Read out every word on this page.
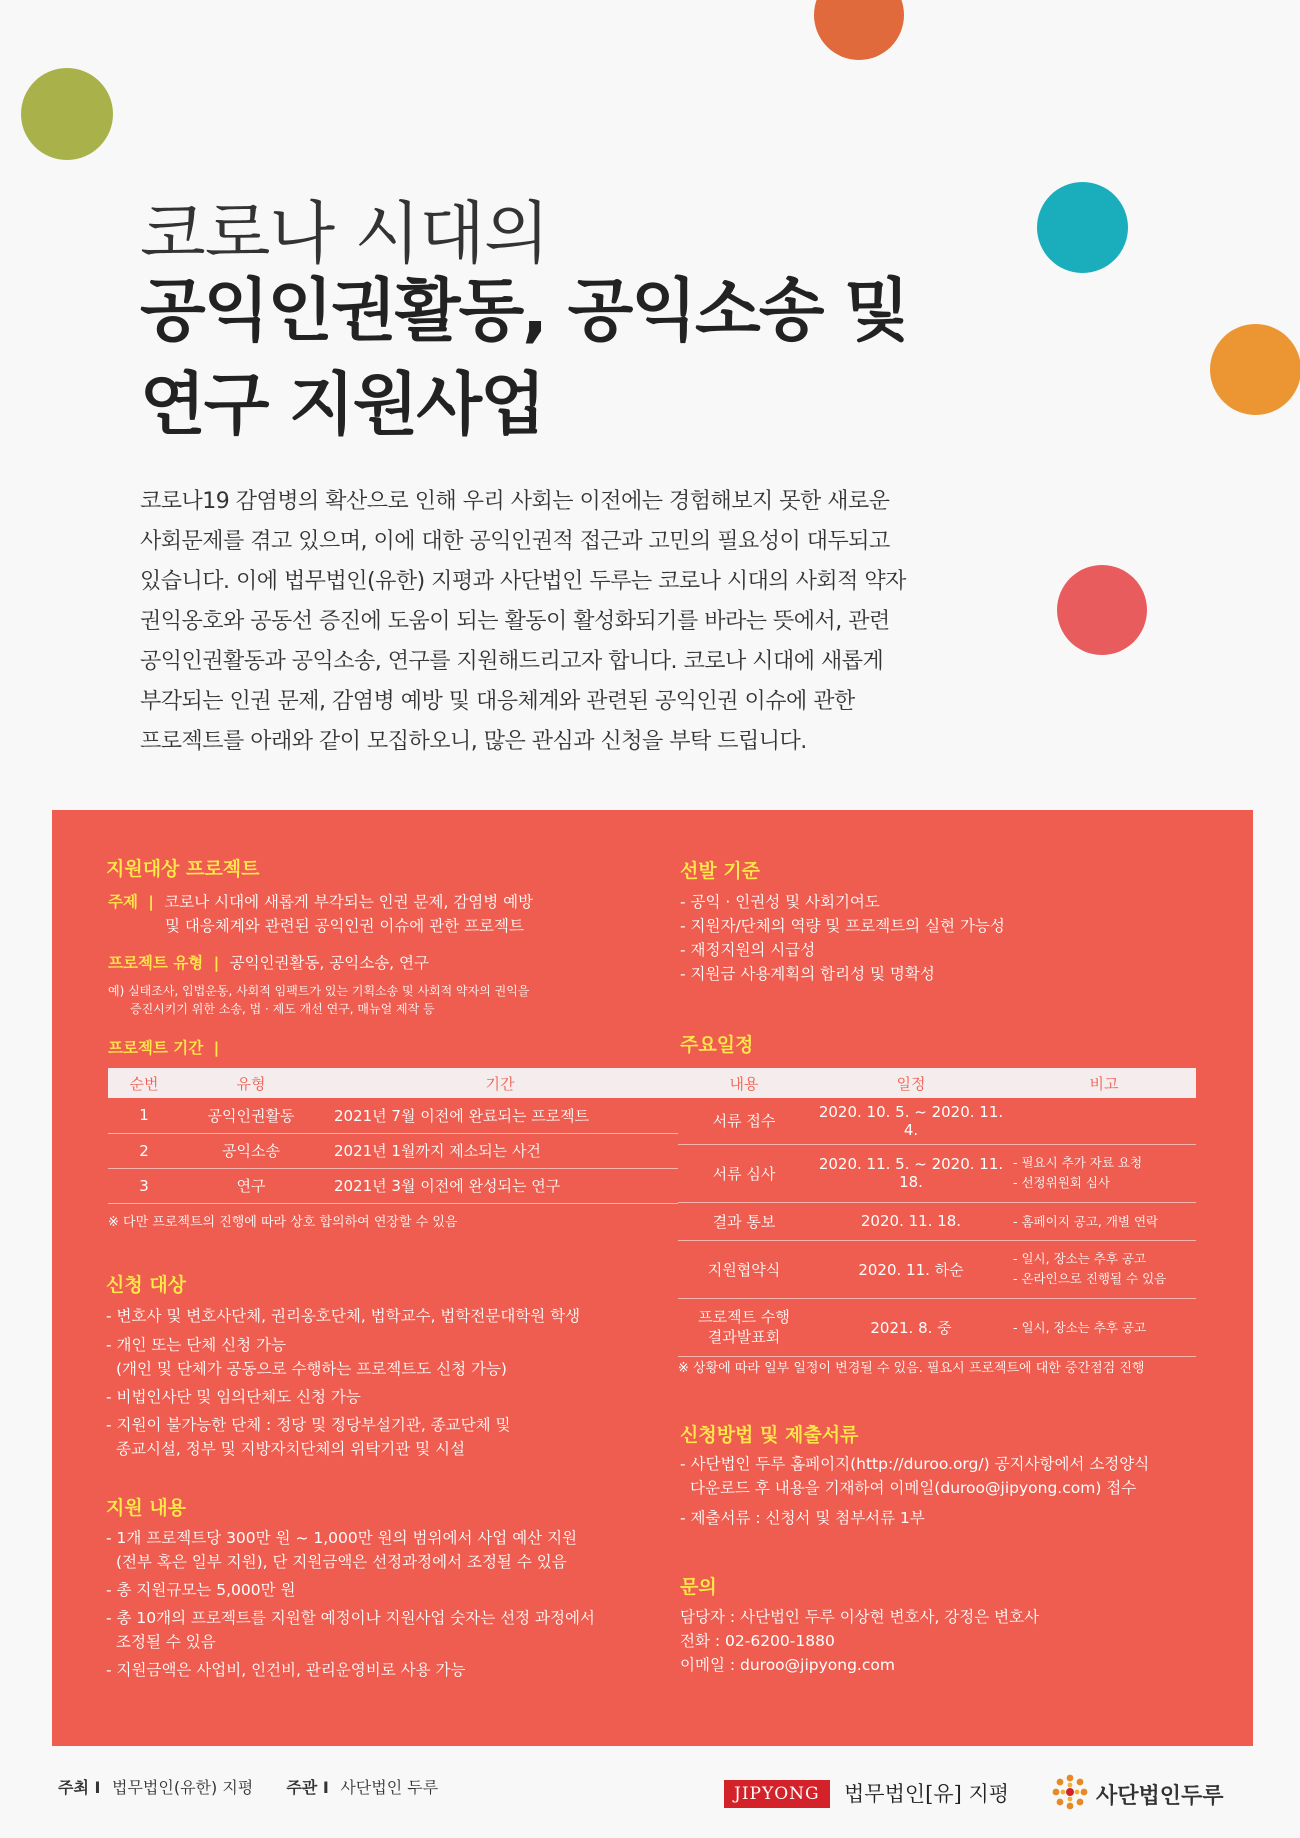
코로나 시대의
공익인권활동, 공익소송 및
연구 지원사업
코로나19 감염병의 확산으로 인해 우리 사회는 이전에는 경험해보지 못한 새로운
사회문제를 겪고 있으며, 이에 대한 공익인권적 접근과 고민의 필요성이 대두되고
있습니다. 이에 법무법인(유한) 지평과 사단법인 두루는 코로나 시대의 사회적 약자
권익옹호와 공동선 증진에 도움이 되는 활동이 활성화되기를 바라는 뜻에서, 관련
공익인권활동과 공익소송, 연구를 지원해드리고자 합니다. 코로나 시대에 새롭게
부각되는 인권 문제, 감염병 예방 및 대응체계와 관련된 공익인권 이슈에 관한
프로젝트를 아래와 같이 모집하오니, 많은 관심과 신청을 부탁 드립니다.
지원대상 프로젝트
주제  |  코로나 시대에 새롭게 부각되는 인권 문제, 감염병 예방
및 대응체계와 관련된 공익인권 이슈에 관한 프로젝트
프로젝트 유형  |  공익인권활동, 공익소송, 연구
예) 실태조사, 입법운동, 사회적 임팩트가 있는 기획소송 및 사회적 약자의 권익을
증진시키기 위한 소송, 법 · 제도 개선 연구, 매뉴얼 제작 등
프로젝트 기간  |
순번	유형	기간
1	공익인권활동	2021년 7월 이전에 완료되는 프로젝트
2	공익소송	2021년 1월까지 제소되는 사건
3	연구	2021년 3월 이전에 완성되는 연구
※ 다만 프로젝트의 진행에 따라 상호 합의하여 연장할 수 있음
신청 대상
- 변호사 및 변호사단체, 권리옹호단체, 법학교수, 법학전문대학원 학생
- 개인 또는 단체 신청 가능
(개인 및 단체가 공동으로 수행하는 프로젝트도 신청 가능)
- 비법인사단 및 임의단체도 신청 가능
- 지원이 불가능한 단체 : 정당 및 정당부설기관, 종교단체 및
종교시설, 정부 및 지방자치단체의 위탁기관 및 시설
지원 내용
- 1개 프로젝트당 300만 원 ~ 1,000만 원의 범위에서 사업 예산 지원
(전부 혹은 일부 지원), 단 지원금액은 선정과정에서 조정될 수 있음
- 총 지원규모는 5,000만 원
- 총 10개의 프로젝트를 지원할 예정이나 지원사업 숫자는 선정 과정에서
조정될 수 있음
- 지원금액은 사업비, 인건비, 관리운영비로 사용 가능
선발 기준
- 공익 · 인권성 및 사회기여도
- 지원자/단체의 역량 및 프로젝트의 실현 가능성
- 재정지원의 시급성
- 지원금 사용계획의 합리성 및 명확성
주요일정
내용	일정	비고
서류 접수	2020. 10. 5. ~ 2020. 11. 4.	
서류 심사	2020. 11. 5. ~ 2020. 11. 18.	- 필요시 추가 자료 요청
- 선정위원회 심사

결과 통보	2020. 11. 18.	- 홈페이지 공고, 개별 연락
지원협약식	2020. 11. 하순	- 일시, 장소는 추후 공고
- 온라인으로 진행될 수 있음

프로젝트 수행
결과발표회	2021. 8. 중	- 일시, 장소는 추후 공고
※ 상황에 따라 일부 일정이 변경될 수 있음. 필요시 프로젝트에 대한 중간점검 진행
신청방법 및 제출서류
- 사단법인 두루 홈페이지(http://duroo.org/) 공지사항에서 소정양식
다운로드 후 내용을 기재하여 이메일(duroo@jipyong.com) 접수
- 제출서류 : 신청서 및 첨부서류 1부
문의
담당자 : 사단법인 두루 이상현 변호사, 강정은 변호사
전화 : 02-6200-1880
이메일 : duroo@jipyong.com
주최 I 법무법인(유한) 지평 주관 I 사단법인 두루	JIPYONG	법무법인[유] 지평	사단법인두루
